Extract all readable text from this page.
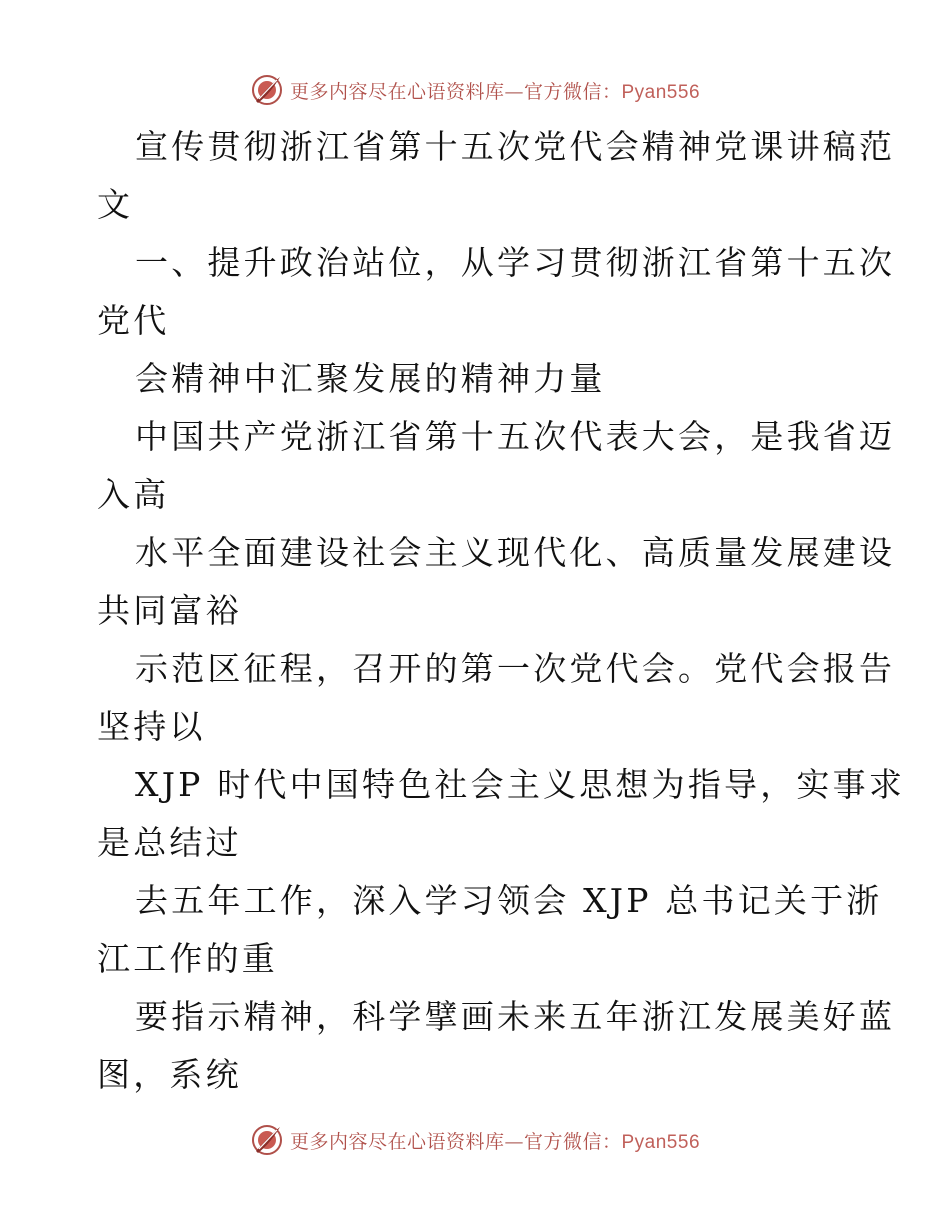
更多内容尽在心语资料库—官方微信：Pyan556
宣传贯彻浙江省第十五次党代会精神党课讲稿范
文
一、提升政治站位，从学习贯彻浙江省第十五次
党代
会精神中汇聚发展的精神力量
中国共产党浙江省第十五次代表大会，是我省迈
入高
水平全面建设社会主义现代化、高质量发展建设
共同富裕
示范区征程，召开的第一次党代会。党代会报告
坚持以
XJP 时代中国特色社会主义思想为指导，实事求
是总结过
去五年工作，深入学习领会 XJP 总书记关于浙
江工作的重
要指示精神，科学擘画未来五年浙江发展美好蓝
图，系统
更多内容尽在心语资料库—官方微信：Pyan556
